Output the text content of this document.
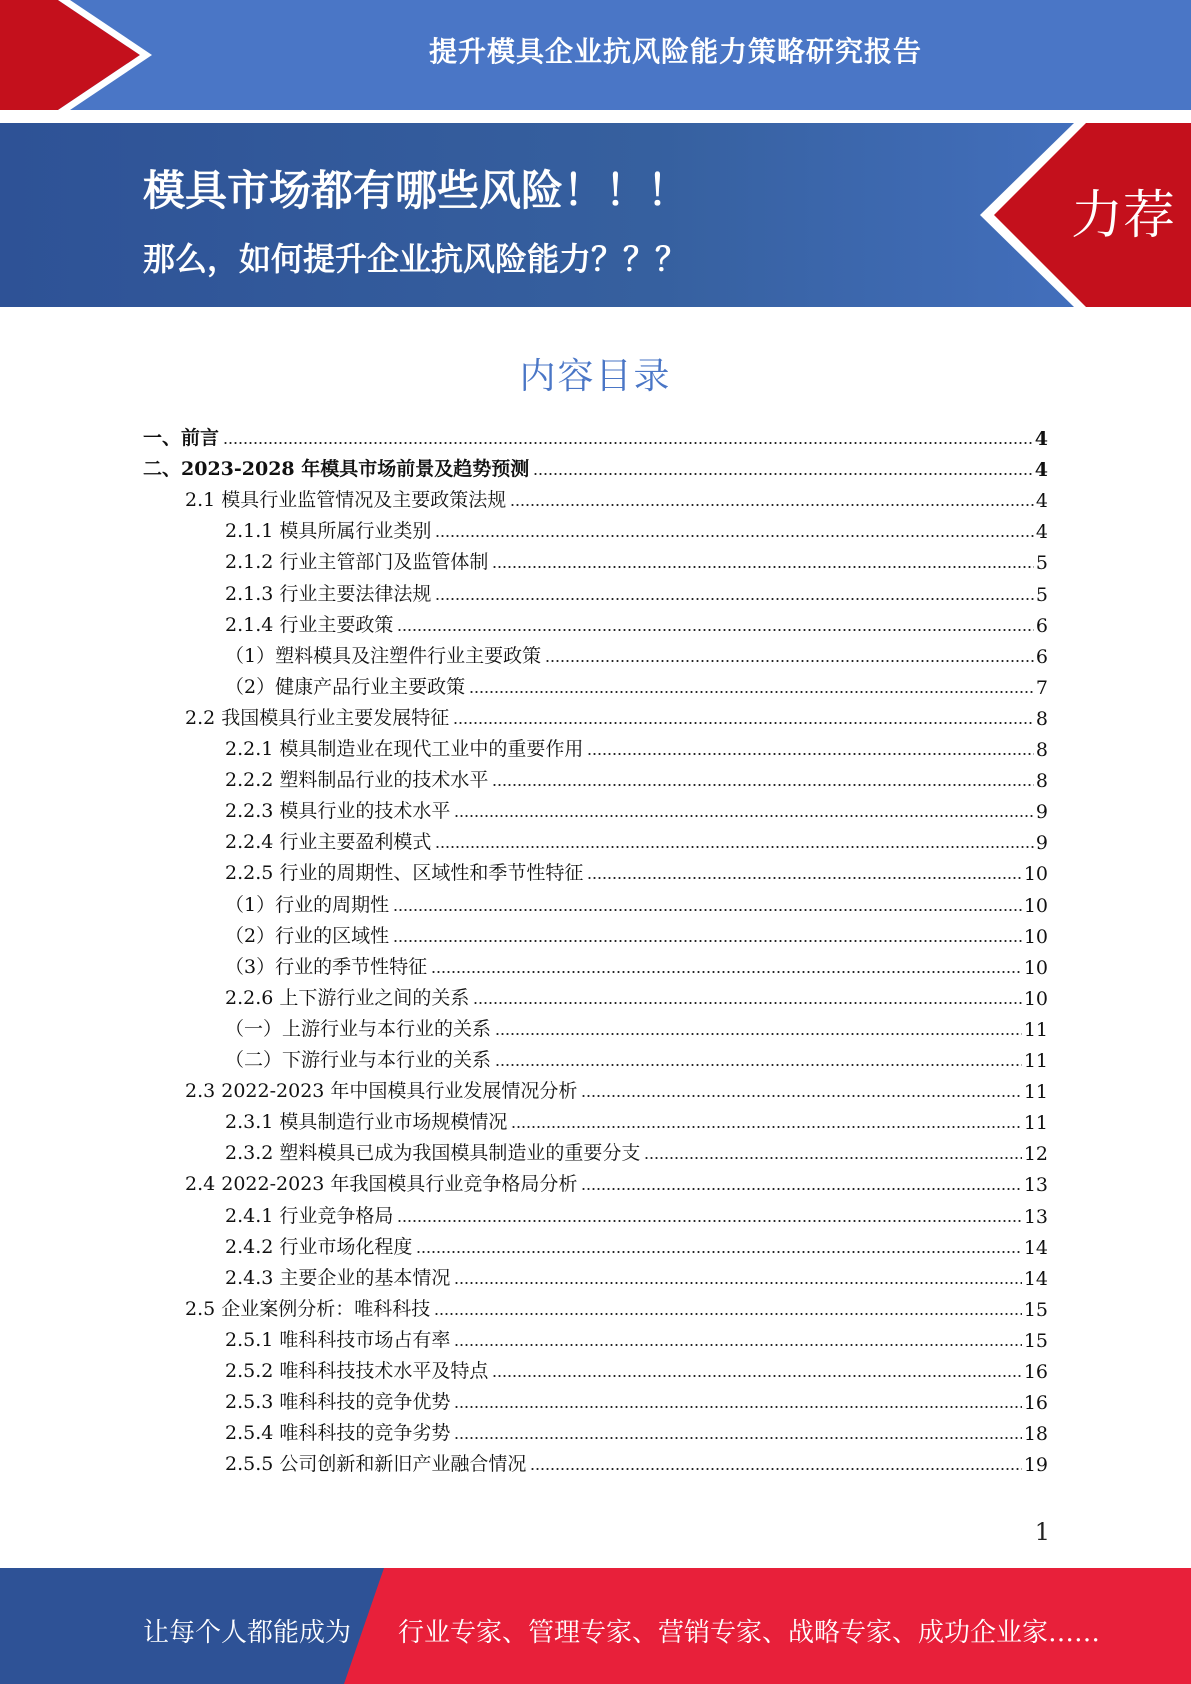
提升模具企业抗风险能力策略研究报告
模具市场都有哪些风险！！！
那么，如何提升企业抗风险能力？？？
力荐
内容目录
一、前言	4
二、2023-2028 年模具市场前景及趋势预测	4
2.1 模具行业监管情况及主要政策法规	4
2.1.1 模具所属行业类别	4
2.1.2 行业主管部门及监管体制	5
2.1.3 行业主要法律法规	5
2.1.4 行业主要政策	6
（1）塑料模具及注塑件行业主要政策	6
（2）健康产品行业主要政策	7
2.2 我国模具行业主要发展特征	8
2.2.1 模具制造业在现代工业中的重要作用	8
2.2.2 塑料制品行业的技术水平	8
2.2.3 模具行业的技术水平	9
2.2.4 行业主要盈利模式	9
2.2.5 行业的周期性、区域性和季节性特征	10
（1）行业的周期性	10
（2）行业的区域性	10
（3）行业的季节性特征	10
2.2.6 上下游行业之间的关系	10
（一）上游行业与本行业的关系	11
（二）下游行业与本行业的关系	11
2.3 2022-2023 年中国模具行业发展情况分析	11
2.3.1 模具制造行业市场规模情况	11
2.3.2 塑料模具已成为我国模具制造业的重要分支	12
2.4 2022-2023 年我国模具行业竞争格局分析	13
2.4.1 行业竞争格局	13
2.4.2 行业市场化程度	14
2.4.3 主要企业的基本情况	14
2.5 企业案例分析：唯科科技	15
2.5.1 唯科科技市场占有率	15
2.5.2 唯科科技技术水平及特点	16
2.5.3 唯科科技的竞争优势	16
2.5.4 唯科科技的竞争劣势	18
2.5.5 公司创新和新旧产业融合情况	19
1
让每个人都能成为 行业专家、管理专家、营销专家、战略专家、成功企业家……
